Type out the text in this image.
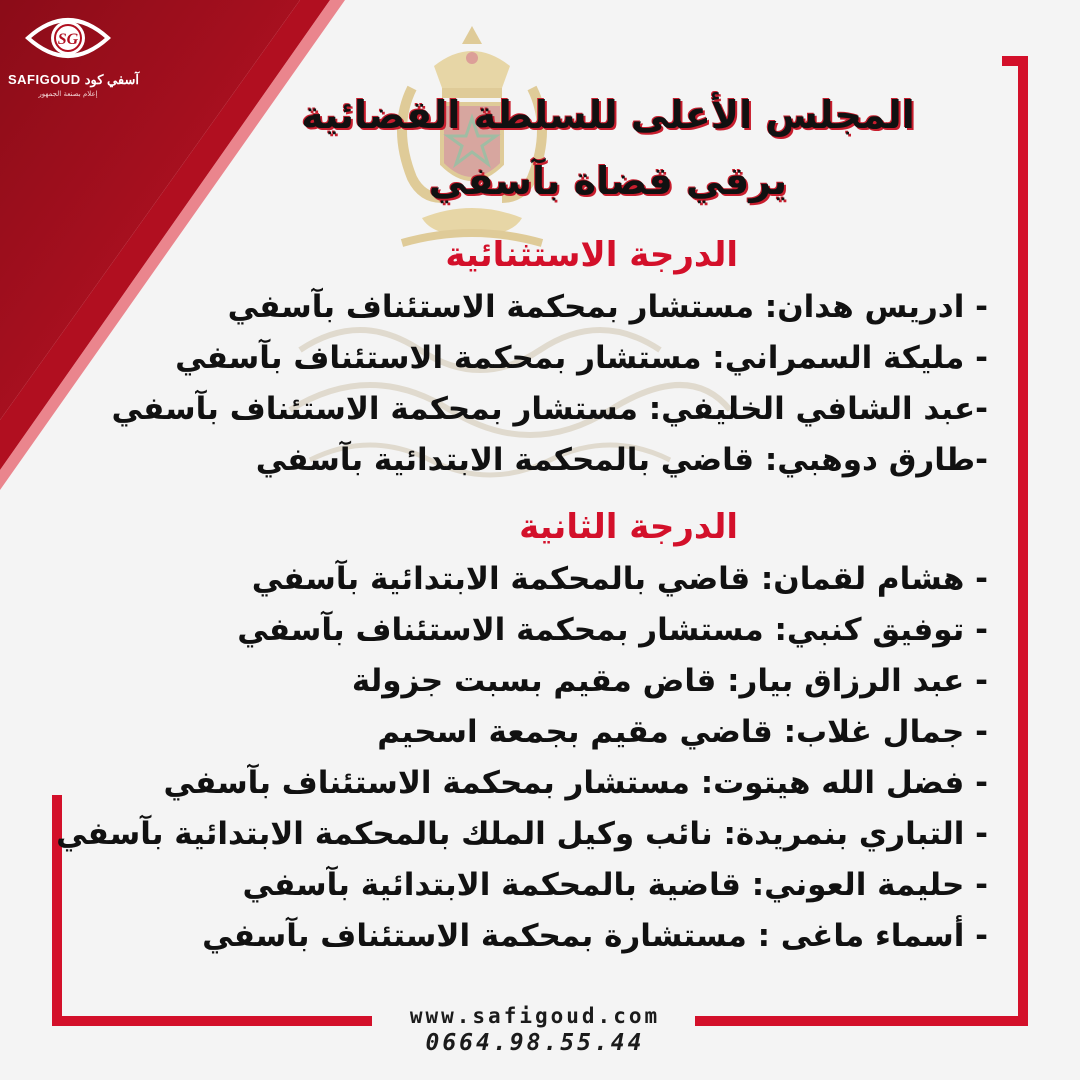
SG
SAFIGOUD آسفي كود
إعلام بصنعة الجمهور	المجلس الأعلى للسلطة القضائية
يرقي قضاة بآسفي
الدرجة الاستثنائية
- ادريس هدان: مستشار بمحكمة الاستئناف بآسفي
- مليكة السمراني: مستشار بمحكمة الاستئناف بآسفي
-عبد الشافي الخليفي: مستشار بمحكمة الاستئناف بآسفي
-طارق دوهبي: قاضي بالمحكمة الابتدائية بآسفي
الدرجة الثانية
- هشام لقمان: قاضي بالمحكمة الابتدائية بآسفي
- توفيق كنبي: مستشار بمحكمة الاستئناف بآسفي
- عبد الرزاق بيار: قاض مقيم بسبت جزولة
- جمال غلاب: قاضي مقيم بجمعة اسحيم
- فضل الله هيتوت: مستشار بمحكمة الاستئناف بآسفي
- التباري بنمريدة: نائب وكيل الملك بالمحكمة الابتدائية بآسفي
- حليمة العوني: قاضية بالمحكمة الابتدائية بآسفي
- أسماء ماغى : مستشارة بمحكمة الاستئناف بآسفي
www.safigoud.com
0664.98.55.44
